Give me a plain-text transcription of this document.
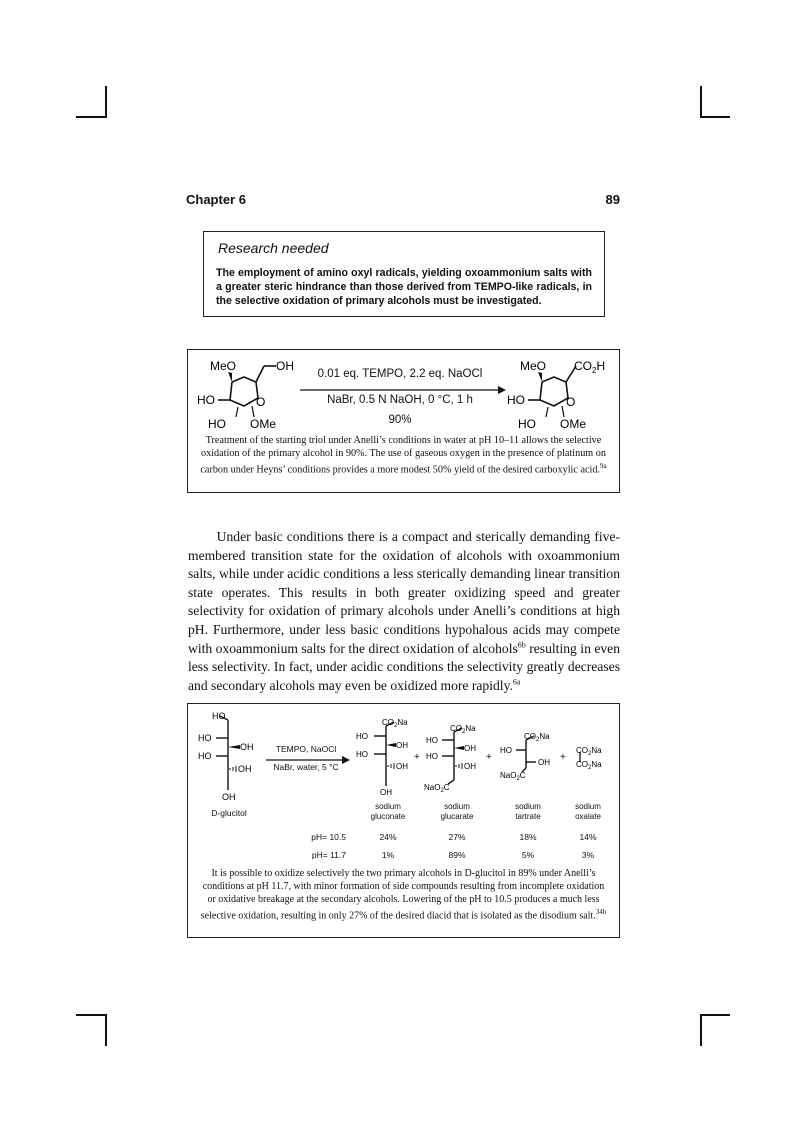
Chapter 6	89
Research needed
The employment of amino oxyl radicals, yielding oxoammonium salts with a greater steric hindrance than those derived from TEMPO-like radicals, in the selective oxidation of primary alcohols must be investigated.
MeO	OH
HO	O
HO OMe
0.01 eq. TEMPO, 2.2 eq. NaOCl
NaBr, 0.5 N NaOH, 0 °C, 1 h
90%
MeO $CO_2H$
HO	O
HO OMe
Treatment of the starting triol under Anelli’s conditions in water at pH 10–11 allows the selective oxidation of the primary alcohol in 90%. The use of gaseous oxygen in the presence of platinum on carbon under Heyns’ conditions provides a more modest 50% yield of the desired carboxylic acid.$^{9a}$
Under basic conditions there is a compact and sterically demanding five-membered transition state for the oxidation of alcohols with oxoammonium salts, while under acidic conditions a less sterically demanding linear transition state operates. This results in both greater oxidizing speed and greater selectivity for oxidation of primary alcohols under Anelli’s conditions at high pH. Furthermore, under less basic conditions hypohalous acids may compete with oxoammonium salts for the direct oxidation of alcohols$^{6b}$ resulting in even less selectivity. In fact, under acidic conditions the selectivity greatly decreases and secondary alcohols may even be oxidized more rapidly.$^{6a}$
HO
HO
OH
HO
OH
OH
D-glucitol
TEMPO, NaOCl
NaBr, water, 5 °C
$CO_2Na$
HO
OH
HO
OH
OH
sodium gluconate
+
$CO_2Na$
HO
OH
HO
OH
NaO$_2$C
sodium glucarate
+
$CO_2Na$
HO
OH
NaO$_2$C
sodium tartrate
+
$CO_2Na$
$CO_2Na$
sodium oxalate
pH= 10.5	24%	27%	18%	14%
pH= 11.7	1%	89%	5%	3%
It is possible to oxidize selectively the two primary alcohols in D-glucitol in 89% under Anelli’s conditions at pH 11.7, with minor formation of side compounds resulting from incomplete oxidation or oxidative breakage at the secondary alcohols. Lowering of the pH to 10.5 produces a much less selective oxidation, resulting in only 27% of the desired diacid that is isolated as the disodium salt.$^{34b}$
